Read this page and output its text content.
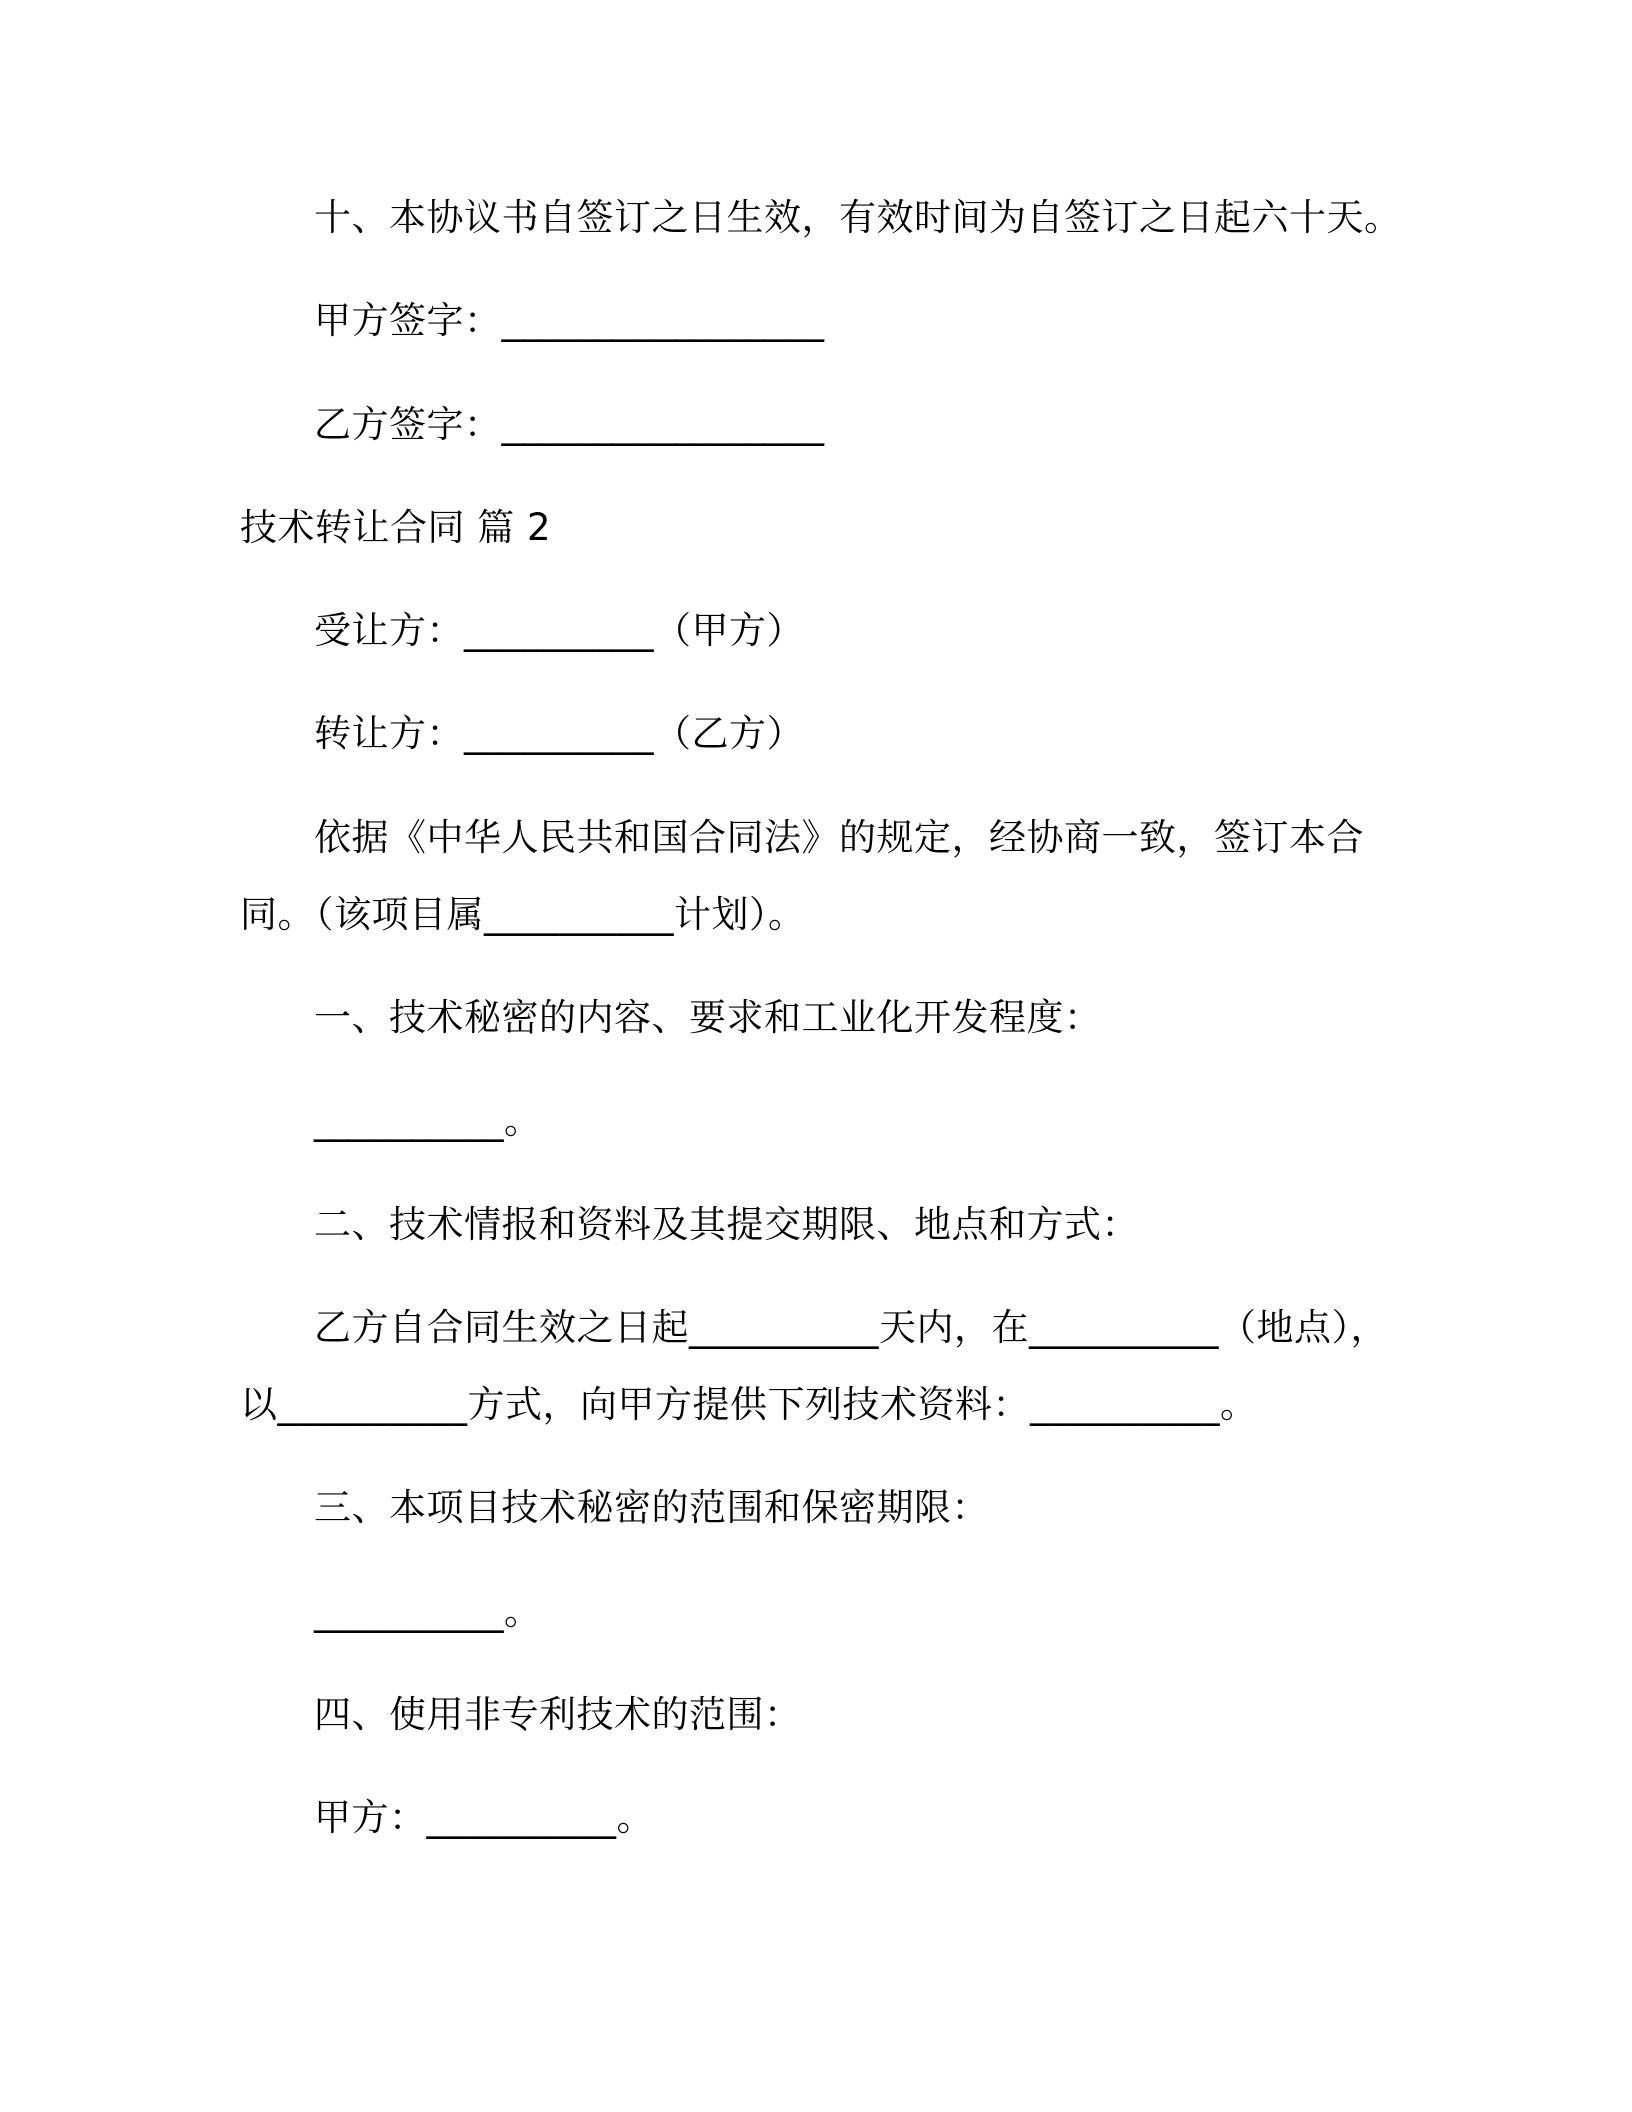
十、本协议书自签订之日生效，有效时间为自签订之日起六十天。
甲方签字：_________________
乙方签字：_________________
技术转让合同 篇 2
受让方：__________（甲方）
转让方：__________（乙方）
依据《中华人民共和国合同法》的规定，经协商一致，签订本合
同。（该项目属__________计划）。
一、技术秘密的内容、要求和工业化开发程度：
__________。
二、技术情报和资料及其提交期限、地点和方式：
乙方自合同生效之日起__________天内，在__________（地点），
以__________方式，向甲方提供下列技术资料：__________。
三、本项目技术秘密的范围和保密期限：
__________。
四、使用非专利技术的范围：
甲方：__________。
